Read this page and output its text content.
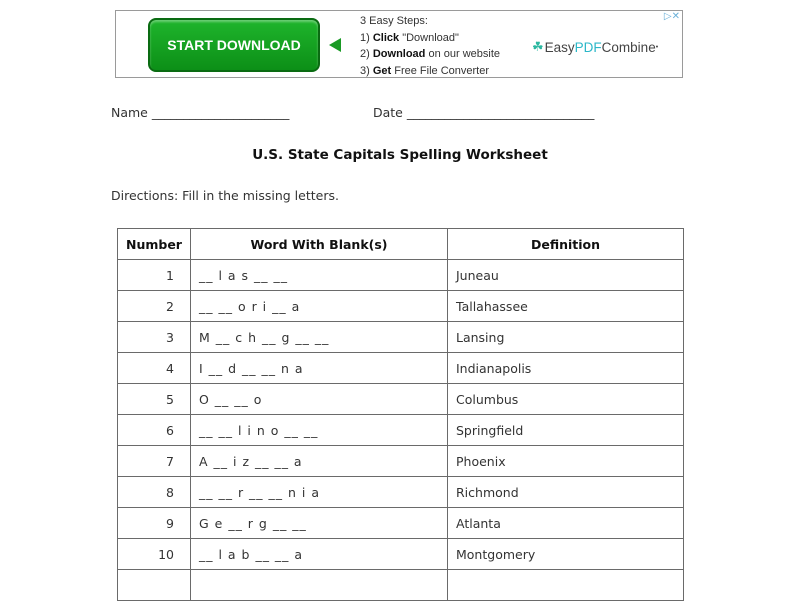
START DOWNLOAD
3 Easy Steps:
1) Click "Download"
2) Download on our website
3) Get Free File Converter
☘ Easy PDF Combine •
▷✕
Name ______________________	Date ______________________________
U.S. State Capitals Spelling Worksheet
Directions: Fill in the missing letters.
Number	Word With Blank(s)	Definition
1	__ l a s __ __	Juneau
2	__ __ o r i __ a	Tallahassee
3	M __ c h __ g __ __	Lansing
4	I __ d __ __ n a	Indianapolis
5	O __ __ o	Columbus
6	__ __ l i n o __ __	Springfield
7	A __ i z __ __ a	Phoenix
8	__ __ r __ __ n i a	Richmond
9	G e __ r g __ __	Atlanta
10	__ l a b __ __ a	Montgomery
